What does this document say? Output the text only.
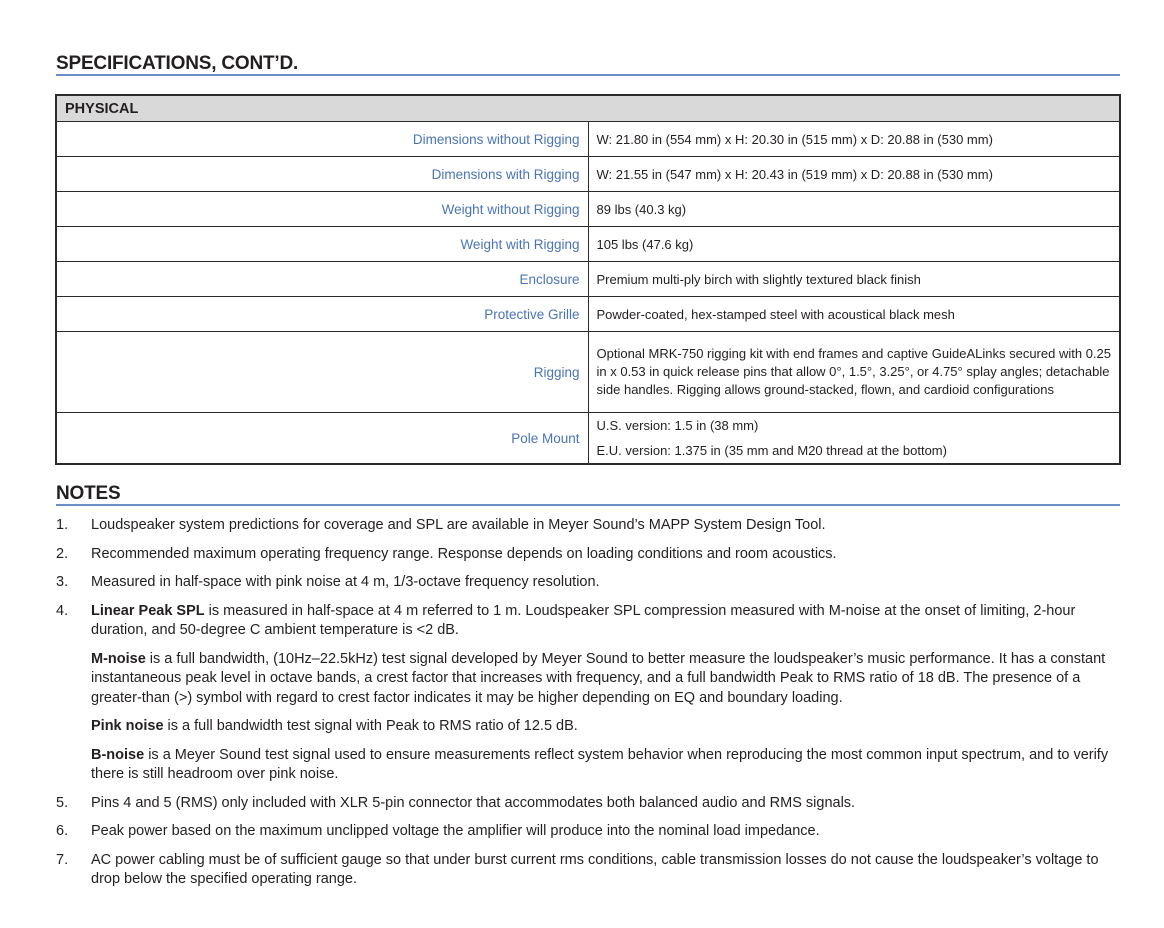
SPECIFICATIONS, CONT’D.
PHYSICAL	
Dimensions without Rigging	W: 21.80 in (554 mm) x H: 20.30 in (515 mm) x D: 20.88 in (530 mm)
Dimensions with Rigging	W: 21.55 in (547 mm) x H: 20.43 in (519 mm) x D: 20.88 in (530 mm)
Weight without Rigging	89 lbs (40.3 kg)
Weight with Rigging	105 lbs (47.6 kg)
Enclosure	Premium multi-ply birch with slightly textured black finish
Protective Grille	Powder-coated, hex-stamped steel with acoustical black mesh
Rigging	Optional MRK-750 rigging kit with end frames and captive GuideALinks secured with 0.25 in x 0.53 in quick release pins that allow 0°, 1.5°, 3.25°, or 4.75° splay angles; detachable side handles. Rigging allows ground-stacked, flown, and cardioid configurations
Pole Mount	U.S. version: 1.5 in (38 mm)
E.U. version: 1.375 in (35 mm and M20 thread at the bottom)
NOTES
1. Loudspeaker system predictions for coverage and SPL are available in Meyer Sound’s MAPP System Design Tool.
2. Recommended maximum operating frequency range. Response depends on loading conditions and room acoustics.
3. Measured in half-space with pink noise at 4 m, 1/3-octave frequency resolution.
4. Linear Peak SPL is measured in half-space at 4 m referred to 1 m. Loudspeaker SPL compression measured with M-noise at the onset of limiting, 2-hour duration, and 50-degree C ambient temperature is <2 dB.

M-noise is a full bandwidth, (10Hz–22.5kHz) test signal developed by Meyer Sound to better measure the loudspeaker’s music performance. It has a constant instantaneous peak level in octave bands, a crest factor that increases with frequency, and a full bandwidth Peak to RMS ratio of 18 dB. The presence of a greater-than (>) symbol with regard to crest factor indicates it may be higher depending on EQ and boundary loading.

Pink noise is a full bandwidth test signal with Peak to RMS ratio of 12.5 dB.

B-noise is a Meyer Sound test signal used to ensure measurements reflect system behavior when reproducing the most common input spectrum, and to verify there is still headroom over pink noise.

5. Pins 4 and 5 (RMS) only included with XLR 5-pin connector that accommodates both balanced audio and RMS signals.
6. Peak power based on the maximum unclipped voltage the amplifier will produce into the nominal load impedance.
7. AC power cabling must be of sufficient gauge so that under burst current rms conditions, cable transmission losses do not cause the loudspeaker’s voltage to drop below the specified operating range.
